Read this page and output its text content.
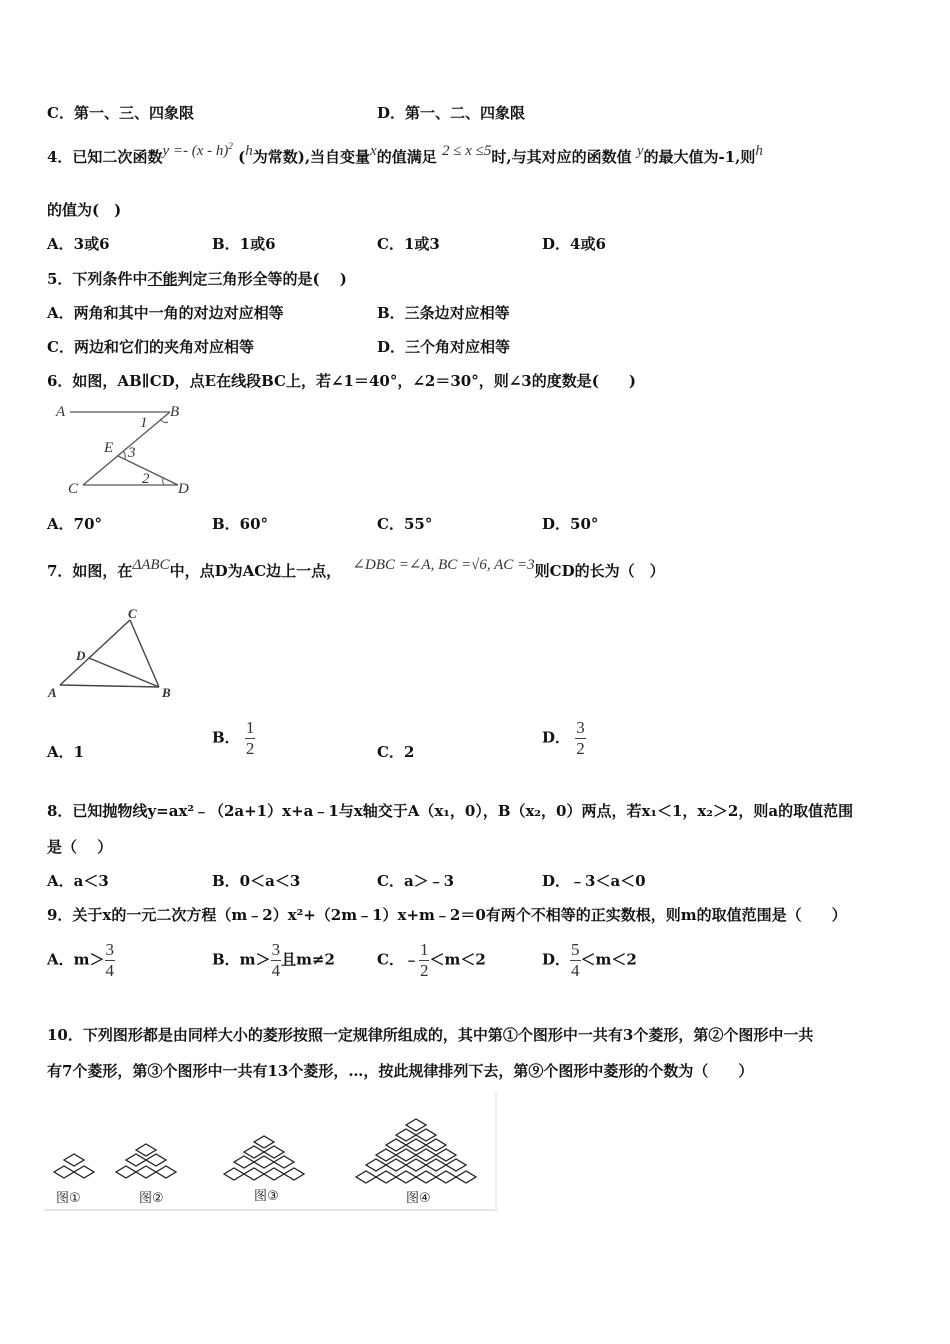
C．第一、三、四象限	D．第一、二、四象限
4．已知二次函数y =- (x - h)$^2$ (h为常数),当自变量x的值满足 2 ≤ x ≤5时,与其对应的函数值 y的最大值为-1,则h
的值为(　)
A．3或6	B．1或6	C．1或3	D．4或6
5．下列条件中不能判定三角形全等的是(　 )
A．两角和其中一角的对边对应相等	B．三条边对应相等
C．两边和它们的夹角对应相等	D．三个角对应相等
6．如图，AB∥CD，点E在线段BC上，若∠1＝40°，∠2＝30°，则∠3的度数是(　　)
A	B
C	D
E
1
2
3
A．70°	B．60°	C．55°	D．50°
7．如图，在ΔABC中，点D为AC边上一点， ∠DBC =∠A, BC =√6, AC =3则CD的长为（　）
A	B
C
D
A．1
B． $\frac{1}{2}$	C．2
D． $\frac{3}{2}$
8．已知抛物线y=ax²﹣（2a+1）x+a﹣1与x轴交于A（x₁，0），B（x₂，0）两点，若x₁＜1，x₂＞2，则a的取值范围
是（　 ）
A．a＜3	B．0＜a＜3	C．a＞﹣3	D．﹣3＜a＜0
9．关于x的一元二次方程（m﹣2）x²+（2m﹣1）x+m﹣2＝0有两个不相等的正实数根，则m的取值范围是（　　）
A．$m> \frac{3}{4}$	B．$m> \frac{3}{4}$ 且m≠2	C．﹣ $\frac{1}{2} <m<2$	D． $\frac{5}{4} <m<2$
10．下列图形都是由同样大小的菱形按照一定规律所组成的，其中第①个图形中一共有3个菱形，第②个图形中一共
有7个菱形，第③个图形中一共有13个菱形，…，按此规律排列下去，第⑨个图形中菱形的个数为（　　）
图①	图②	图③	图④
